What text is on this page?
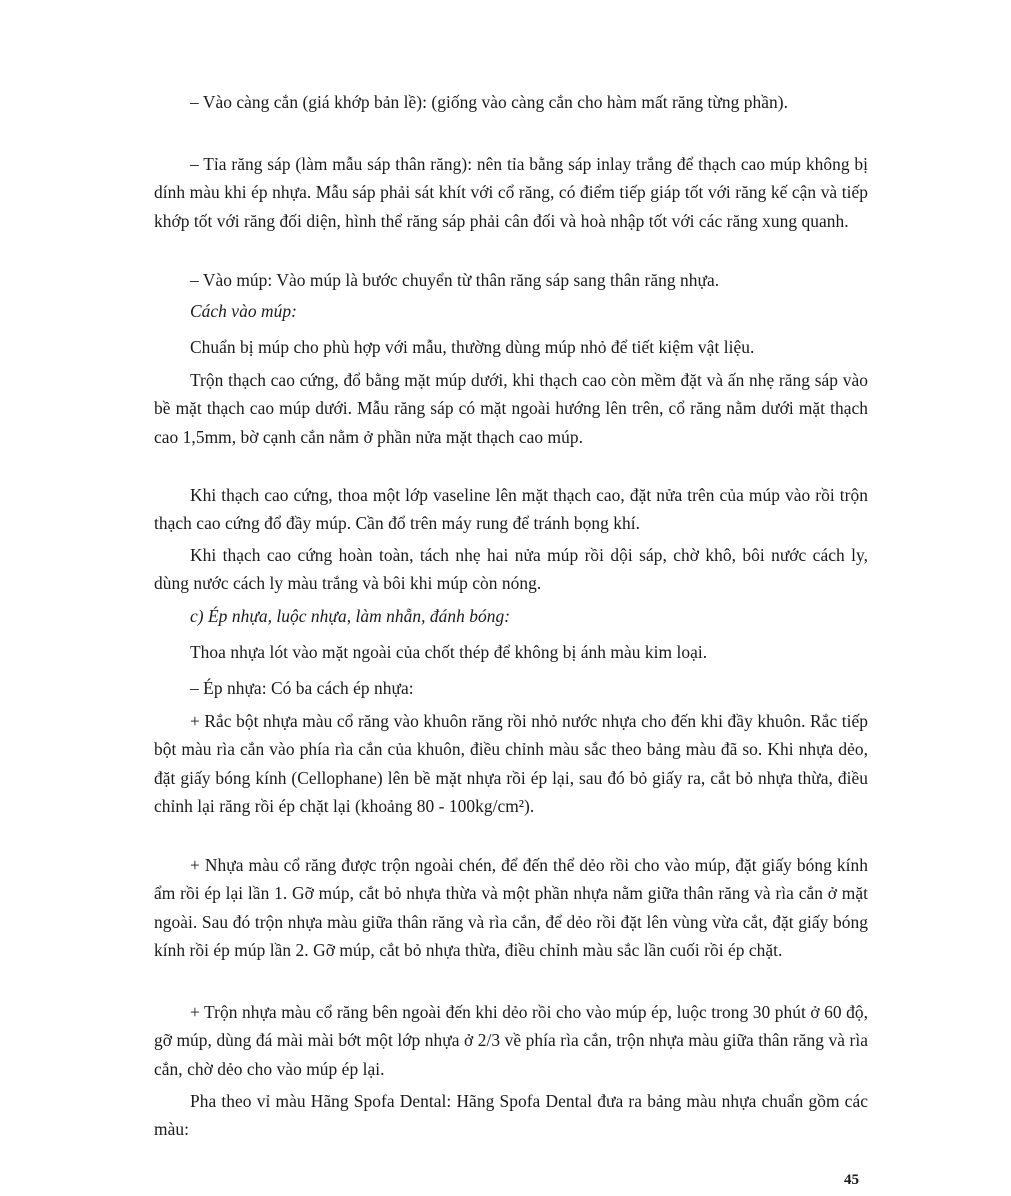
– Vào càng cắn (giá khớp bản lề): (giống vào càng cắn cho hàm mất răng từng phần).

– Tỉa răng sáp (làm mẫu sáp thân răng): nên tỉa bằng sáp inlay trắng để thạch cao múp không bị dính màu khi ép nhựa. Mẫu sáp phải sát khít với cổ răng, có điểm tiếp giáp tốt với răng kế cận và tiếp khớp tốt với răng đối diện, hình thể răng sáp phải cân đối và hoà nhập tốt với các răng xung quanh.

– Vào múp: Vào múp là bước chuyển từ thân răng sáp sang thân răng nhựa.

Cách vào múp:

Chuẩn bị múp cho phù hợp với mẫu, thường dùng múp nhỏ để tiết kiệm vật liệu.

Trộn thạch cao cứng, đổ bằng mặt múp dưới, khi thạch cao còn mềm đặt và ấn nhẹ răng sáp vào bề mặt thạch cao múp dưới. Mẫu răng sáp có mặt ngoài hướng lên trên, cổ răng nằm dưới mặt thạch cao 1,5mm, bờ cạnh cắn nằm ở phần nửa mặt thạch cao múp.

Khi thạch cao cứng, thoa một lớp vaseline lên mặt thạch cao, đặt nửa trên của múp vào rồi trộn thạch cao cứng đổ đầy múp. Cần đổ trên máy rung để tránh bọng khí.

Khi thạch cao cứng hoàn toàn, tách nhẹ hai nửa múp rồi dội sáp, chờ khô, bôi nước cách ly, dùng nước cách ly màu trắng và bôi khi múp còn nóng.

c) Ép nhựa, luộc nhựa, làm nhẵn, đánh bóng:

Thoa nhựa lót vào mặt ngoài của chốt thép để không bị ánh màu kim loại.

– Ép nhựa: Có ba cách ép nhựa:

+ Rắc bột nhựa màu cổ răng vào khuôn răng rồi nhỏ nước nhựa cho đến khi đầy khuôn. Rắc tiếp bột màu rìa cắn vào phía rìa cắn của khuôn, điều chỉnh màu sắc theo bảng màu đã so. Khi nhựa dẻo, đặt giấy bóng kính (Cellophane) lên bề mặt nhựa rồi ép lại, sau đó bỏ giấy ra, cắt bỏ nhựa thừa, điều chỉnh lại răng rồi ép chặt lại (khoảng 80 - 100kg/cm²).

+ Nhựa màu cổ răng được trộn ngoài chén, để đến thể dẻo rồi cho vào múp, đặt giấy bóng kính ẩm rồi ép lại lần 1. Gỡ múp, cắt bỏ nhựa thừa và một phần nhựa nằm giữa thân răng và rìa cắn ở mặt ngoài. Sau đó trộn nhựa màu giữa thân răng và rìa cắn, để dẻo rồi đặt lên vùng vừa cắt, đặt giấy bóng kính rồi ép múp lần 2. Gỡ múp, cắt bỏ nhựa thừa, điều chỉnh màu sắc lần cuối rồi ép chặt.

+ Trộn nhựa màu cổ răng bên ngoài đến khi dẻo rồi cho vào múp ép, luộc trong 30 phút ở 60 độ, gỡ múp, dùng đá mài mài bớt một lớp nhựa ở 2/3 về phía rìa cắn, trộn nhựa màu giữa thân răng và rìa cắn, chờ dẻo cho vào múp ép lại.

Pha theo vỉ màu Hãng Spofa Dental: Hãng Spofa Dental đưa ra bảng màu nhựa chuẩn gồm các màu:

45
